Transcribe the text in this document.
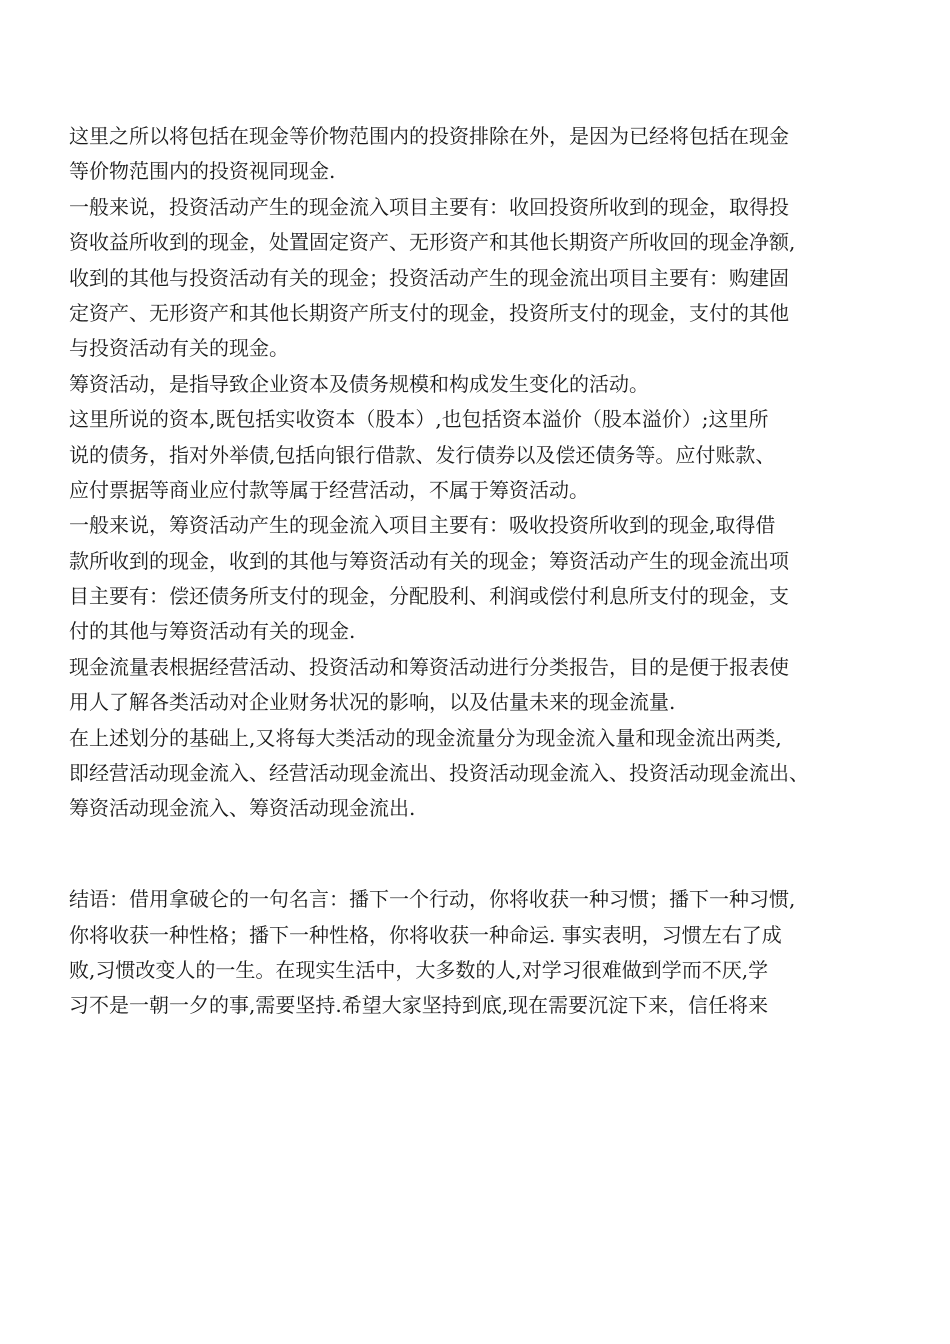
这里之所以将包括在现金等价物范围内的投资排除在外，是因为已经将包括在现金
等价物范围内的投资视同现金.
一般来说，投资活动产生的现金流入项目主要有：收回投资所收到的现金，取得投
资收益所收到的现金，处置固定资产、无形资产和其他长期资产所收回的现金净额,
收到的其他与投资活动有关的现金；投资活动产生的现金流出项目主要有：购建固
定资产、无形资产和其他长期资产所支付的现金，投资所支付的现金，支付的其他
与投资活动有关的现金。
筹资活动，是指导致企业资本及债务规模和构成发生变化的活动。
这里所说的资本,既包括实收资本（股本）,也包括资本溢价（股本溢价）;这里所
说的债务，指对外举债,包括向银行借款、发行债券以及偿还债务等。应付账款、
应付票据等商业应付款等属于经营活动，不属于筹资活动。
一般来说，筹资活动产生的现金流入项目主要有：吸收投资所收到的现金,取得借
款所收到的现金，收到的其他与筹资活动有关的现金；筹资活动产生的现金流出项
目主要有：偿还债务所支付的现金，分配股利、利润或偿付利息所支付的现金，支
付的其他与筹资活动有关的现金.
现金流量表根据经营活动、投资活动和筹资活动进行分类报告，目的是便于报表使
用人了解各类活动对企业财务状况的影响，以及估量未来的现金流量.
在上述划分的基础上,又将每大类活动的现金流量分为现金流入量和现金流出两类,
即经营活动现金流入、经营活动现金流出、投资活动现金流入、投资活动现金流出、
筹资活动现金流入、筹资活动现金流出.
结语：借用拿破仑的一句名言：播下一个行动，你将收获一种习惯；播下一种习惯,
你将收获一种性格；播下一种性格，你将收获一种命运. 事实表明，习惯左右了成
败,习惯改变人的一生。在现实生活中，大多数的人,对学习很难做到学而不厌,学
习不是一朝一夕的事,需要坚持.希望大家坚持到底,现在需要沉淀下来，信任将来
